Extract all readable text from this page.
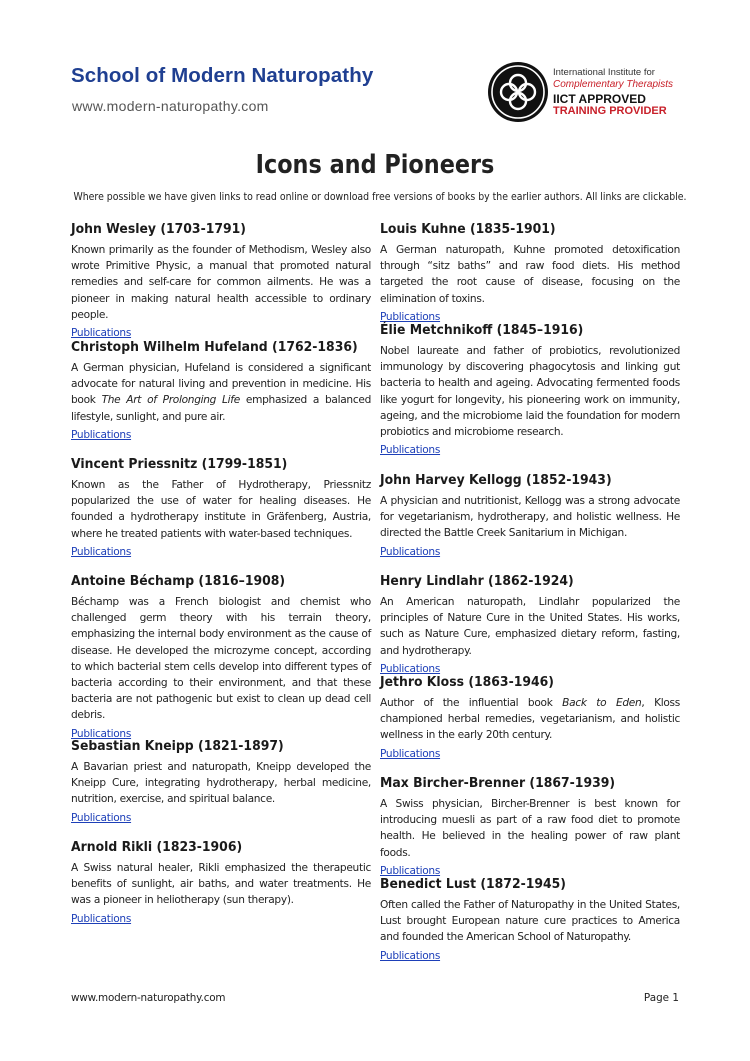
School of Modern Naturopathy
www.modern-naturopathy.com
International Institute for
Complementary Therapists
IICT APPROVED
TRAINING PROVIDER
Icons and Pioneers
Where possible we have given links to read online or download free versions of books by the earlier authors. All links are clickable.
John Wesley (1703-1791)

Known primarily as the founder of Methodism, Wesley also wrote Primitive Physic, a manual that promoted natural remedies and self-care for common ailments. He was a pioneer in making natural health accessible to ordinary people.

Publications
Christoph Wilhelm Hufeland (1762-1836)

A German physician, Hufeland is considered a significant advocate for natural living and prevention in medicine. His book The Art of Prolonging Life emphasized a balanced lifestyle, sunlight, and pure air.

Publications
Vincent Priessnitz (1799-1851)

Known as the Father of Hydrotherapy, Priessnitz popularized the use of water for healing diseases. He founded a hydrotherapy institute in Gräfenberg, Austria, where he treated patients with water-based techniques.

Publications
Antoine Béchamp (1816–1908)

Béchamp was a French biologist and chemist who challenged germ theory with his terrain theory, emphasizing the internal body environment as the cause of disease. He developed the microzyme concept, according to which bacterial stem cells develop into different types of bacteria according to their environment, and that these bacteria are not pathogenic but exist to clean up dead cell debris.

Publications
Sebastian Kneipp (1821-1897)

A Bavarian priest and naturopath, Kneipp developed the Kneipp Cure, integrating hydrotherapy, herbal medicine, nutrition, exercise, and spiritual balance.

Publications
Arnold Rikli (1823-1906)

A Swiss natural healer, Rikli emphasized the therapeutic benefits of sunlight, air baths, and water treatments. He was a pioneer in heliotherapy (sun therapy).

Publications
Louis Kuhne (1835-1901)

A German naturopath, Kuhne promoted detoxification through “sitz baths” and raw food diets. His method targeted the root cause of disease, focusing on the elimination of toxins.

Publications
Élie Metchnikoff (1845–1916)

Nobel laureate and father of probiotics, revolutionized immunology by discovering phagocytosis and linking gut bacteria to health and ageing. Advocating fermented foods like yogurt for longevity, his pioneering work on immunity, ageing, and the microbiome laid the foundation for modern probiotics and microbiome research.

Publications
John Harvey Kellogg (1852-1943)

A physician and nutritionist, Kellogg was a strong advocate for vegetarianism, hydrotherapy, and holistic wellness. He directed the Battle Creek Sanitarium in Michigan.

Publications
Henry Lindlahr (1862-1924)

An American naturopath, Lindlahr popularized the principles of Nature Cure in the United States. His works, such as Nature Cure, emphasized dietary reform, fasting, and hydrotherapy.

Publications
Jethro Kloss (1863-1946)

Author of the influential book Back to Eden, Kloss championed herbal remedies, vegetarianism, and holistic wellness in the early 20th century.

Publications
Max Bircher-Brenner (1867-1939)

A Swiss physician, Bircher-Brenner is best known for introducing muesli as part of a raw food diet to promote health. He believed in the healing power of raw plant foods.

Publications
Benedict Lust (1872-1945)

Often called the Father of Naturopathy in the United States, Lust brought European nature cure practices to America and founded the American School of Naturopathy.

Publications
www.modern-naturopathy.com	Page 1
